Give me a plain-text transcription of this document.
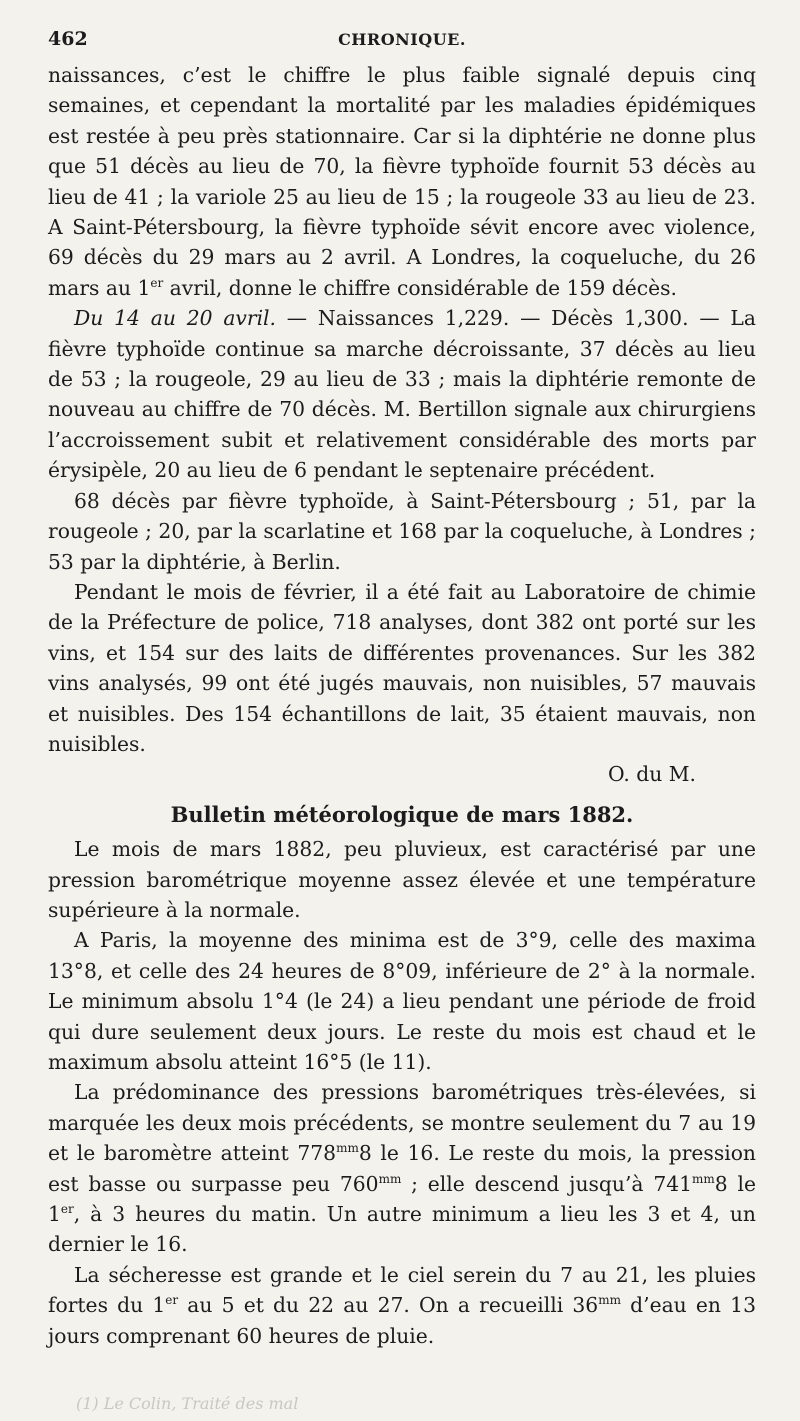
462	CHRONIQUE.

naissances, c’est le chiffre le plus faible signalé depuis cinq semaines, et cependant la mortalité par les maladies épidémiques est restée à peu près stationnaire. Car si la diphtérie ne donne plus que 51 décès au lieu de 70, la fièvre typhoïde fournit 53 décès au lieu de 41 ; la variole 25 au lieu de 15 ; la rougeole 33 au lieu de 23. A Saint-Pétersbourg, la fièvre typhoïde sévit encore avec violence, 69 décès du 29 mars au 2 avril. A Londres, la coqueluche, du 26 mars au 1er avril, donne le chiffre considérable de 159 décès.

Du 14 au 20 avril. — Naissances 1,229. — Décès 1,300. — La fièvre typhoïde continue sa marche décroissante, 37 décès au lieu de 53 ; la rougeole, 29 au lieu de 33 ; mais la diphtérie remonte de nouveau au chiffre de 70 décès. M. Bertillon signale aux chirurgiens l’accroissement subit et relativement considérable des morts par érysipèle, 20 au lieu de 6 pendant le septenaire précédent.

68 décès par fièvre typhoïde, à Saint-Pétersbourg ; 51, par la rougeole ; 20, par la scarlatine et 168 par la coqueluche, à Londres ; 53 par la diphtérie, à Berlin.

Pendant le mois de février, il a été fait au Laboratoire de chimie de la Préfecture de police, 718 analyses, dont 382 ont porté sur les vins, et 154 sur des laits de différentes provenances. Sur les 382 vins analysés, 99 ont été jugés mauvais, non nuisibles, 57 mauvais et nuisibles. Des 154 échantillons de lait, 35 étaient mauvais, non nuisibles.

O. du M.

Bulletin météorologique de mars 1882.

Le mois de mars 1882, peu pluvieux, est caractérisé par une pression barométrique moyenne assez élevée et une température supérieure à la normale.

A Paris, la moyenne des minima est de 3°9, celle des maxima 13°8, et celle des 24 heures de 8°09, inférieure de 2° à la normale. Le minimum absolu 1°4 (le 24) a lieu pendant une période de froid qui dure seulement deux jours. Le reste du mois est chaud et le maximum absolu atteint 16°5 (le 11).

La prédominance des pressions barométriques très-élevées, si marquée les deux mois précédents, se montre seulement du 7 au 19 et le baromètre atteint $778^{mm}8$ le 16. Le reste du mois, la pression est basse ou surpasse peu $760^{mm}$ ; elle descend jusqu’à $741^{mm}8$ le 1er, à 3 heures du matin. Un autre minimum a lieu les 3 et 4, un dernier le 16.

La sécheresse est grande et le ciel serein du 7 au 21, les pluies fortes du 1er au 5 et du 22 au 27. On a recueilli $36^{mm}$ d’eau en 13 jours comprenant 60 heures de pluie.

(1) Le Colin, Traité des mal
